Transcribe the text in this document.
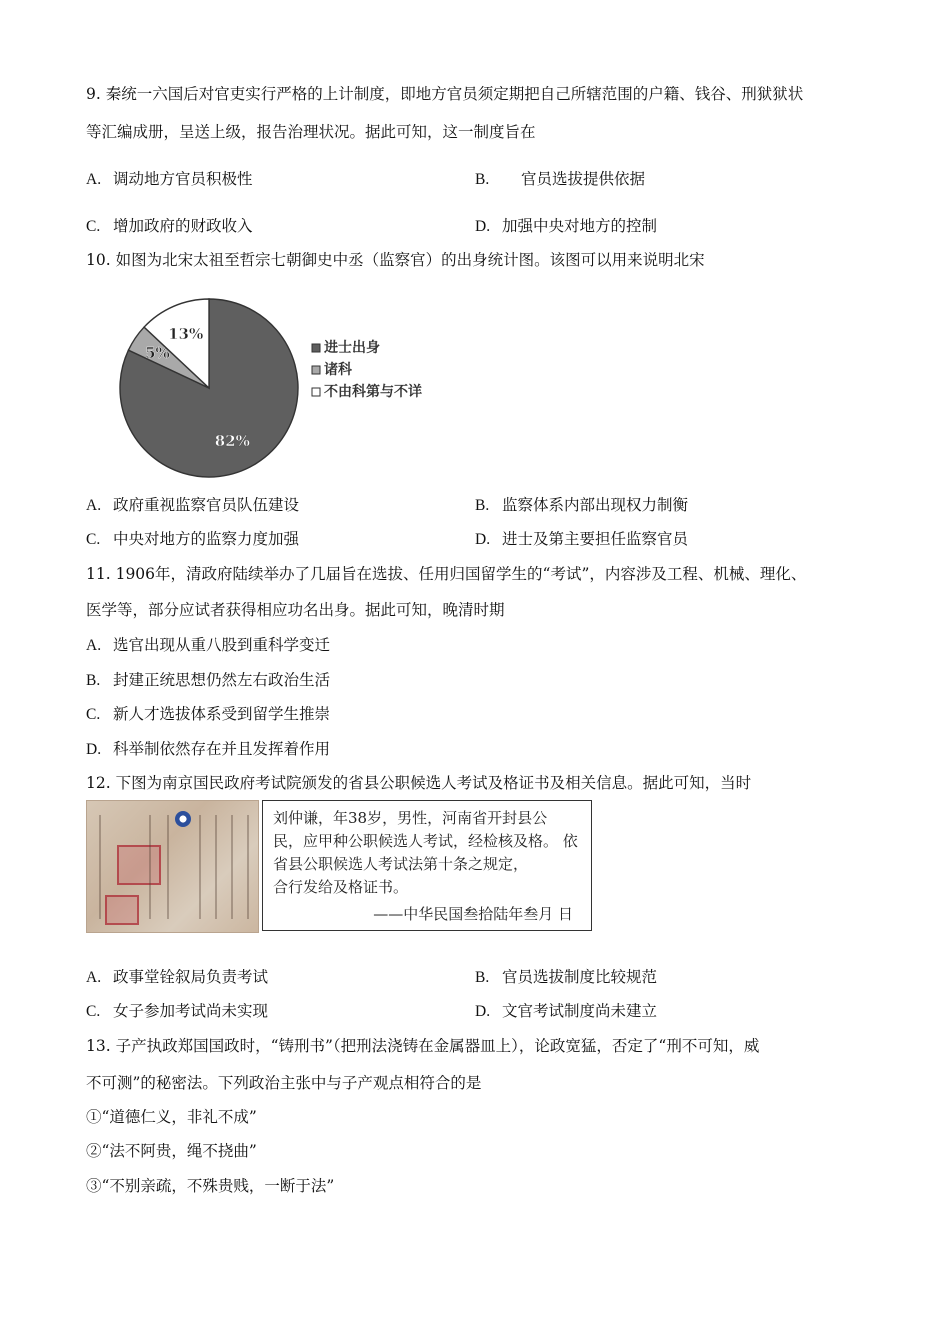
9. 秦统一六国后对官吏实行严格的上计制度，即地方官员须定期把自己所辖范围的户籍、钱谷、刑狱狱状
等汇编成册，呈送上级，报告治理状况。据此可知，这一制度旨在
A. 调动地方官员积极性	B. 官员选拔提供依据
C. 增加政府的财政收入	D. 加强中央对地方的控制
10. 如图为北宋太祖至哲宗七朝御史中丞（监察官）的出身统计图。该图可以用来说明北宋
82%
5%
13%
进士出身
诸科
不由科第与不详
A. 政府重视监察官员队伍建设	B. 监察体系内部出现权力制衡
C. 中央对地方的监察力度加强	D. 进士及第主要担任监察官员
11. 1906年，清政府陆续举办了几届旨在选拔、任用归国留学生的“考试”，内容涉及工程、机械、理化、
医学等，部分应试者获得相应功名出身。据此可知，晚清时期
A. 选官出现从重八股到重科学变迁
B. 封建正统思想仍然左右政治生活
C. 新人才选拔体系受到留学生推崇
D. 科举制依然存在并且发挥着作用
12. 下图为南京国民政府考试院颁发的省县公职候选人考试及格证书及相关信息。据此可知，当时

刘仲谦，年38岁，男性，河南省开封县公

民，应甲种公职候选人考试，经检核及格。 依

省县公职候选人考试法第十条之规定，

合行发给及格证书。

——中华民国叁拾陆年叁月 日

A. 政事堂铨叙局负责考试	B. 官员选拔制度比较规范
C. 女子参加考试尚未实现	D. 文官考试制度尚未建立
13. 子产执政郑国国政时，“铸刑书”（把刑法浇铸在金属器皿上），论政宽猛，否定了“刑不可知，威
不可测”的秘密法。下列政治主张中与子产观点相符合的是
①“道德仁义，非礼不成”
②“法不阿贵，绳不挠曲”
③“不别亲疏，不殊贵贱，一断于法”
